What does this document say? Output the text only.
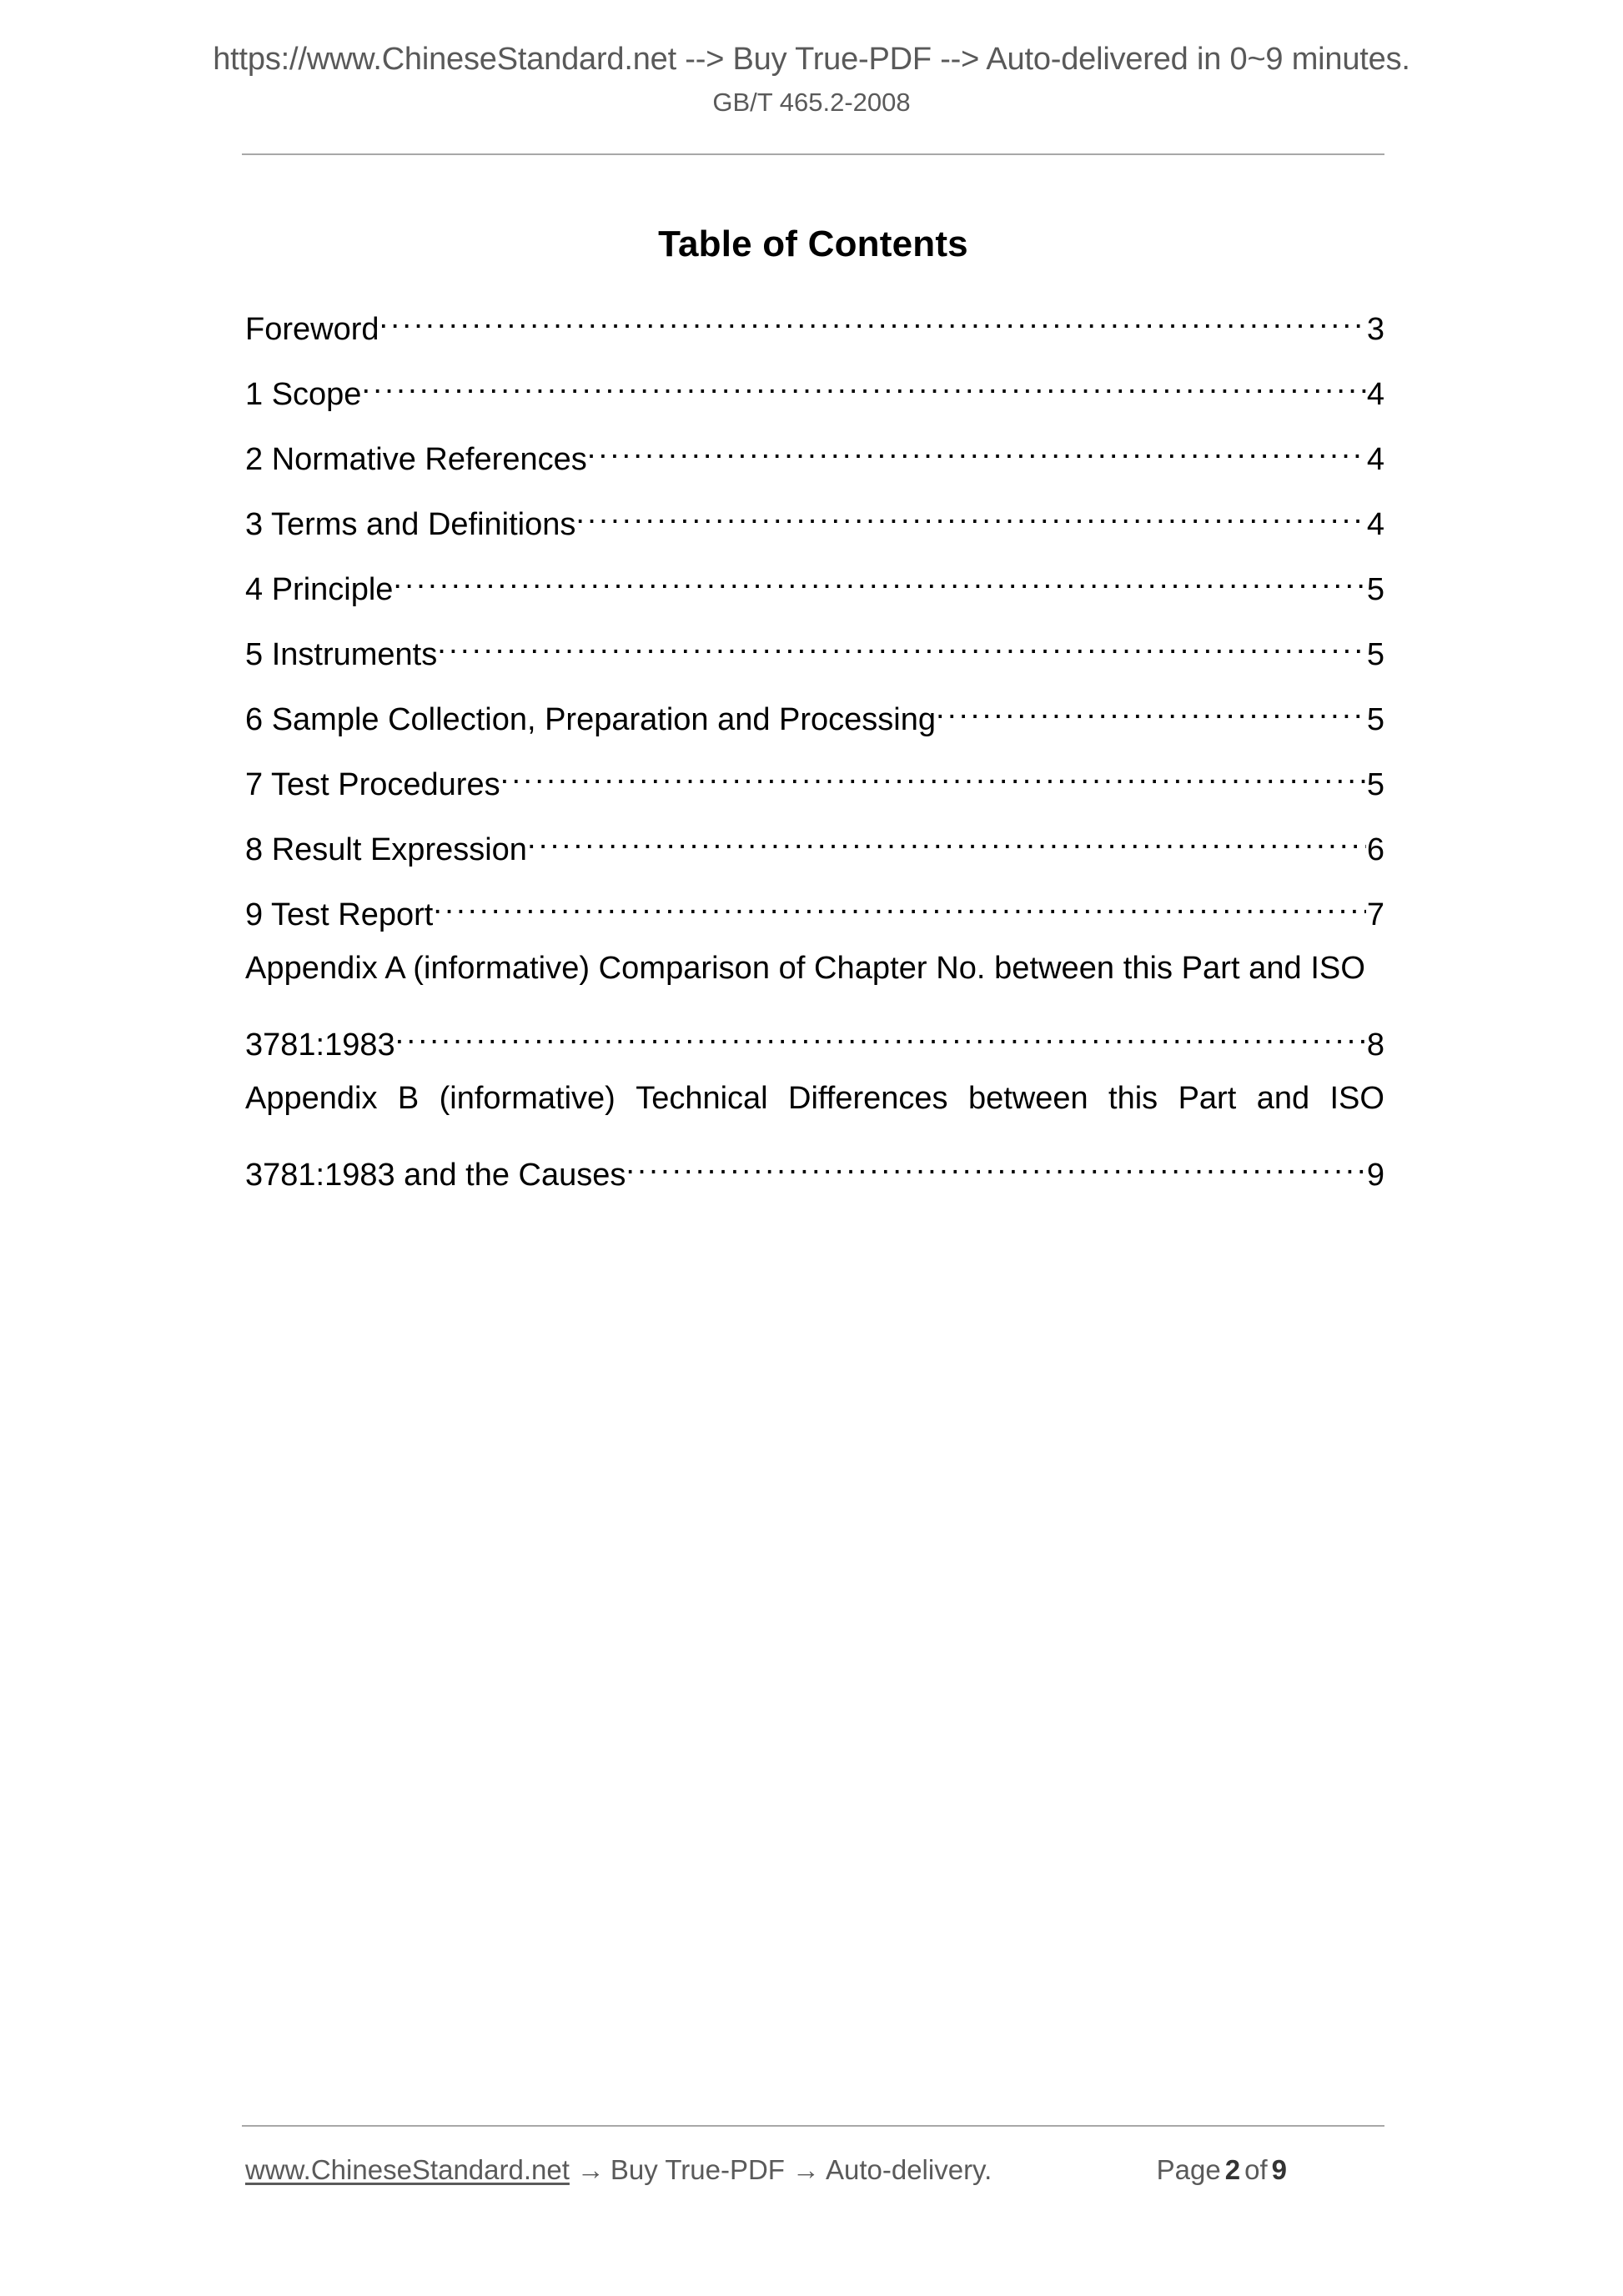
https://www.ChineseStandard.net --> Buy True-PDF --> Auto-delivered in 0~9 minutes.
GB/T 465.2-2008
Table of Contents
Foreword . . .	3
1 Scope . . .	4
2 Normative References . . .	4
3 Terms and Definitions . . .	4
4 Principle . . .	5
5 Instruments . . .	5
6 Sample Collection, Preparation and Processing . . .	5
7 Test Procedures . . .	5
8 Result Expression . . .	6
9 Test Report . . .	7
Appendix A (informative) Comparison of Chapter No. between this Part and ISO
3781:1983 . . .	8
Appendix B (informative) Technical Differences between this Part and ISO
3781:1983 and the Causes . . .	9
www.ChineseStandard.net → Buy True-PDF → Auto-delivery.	Page 2 of 9
